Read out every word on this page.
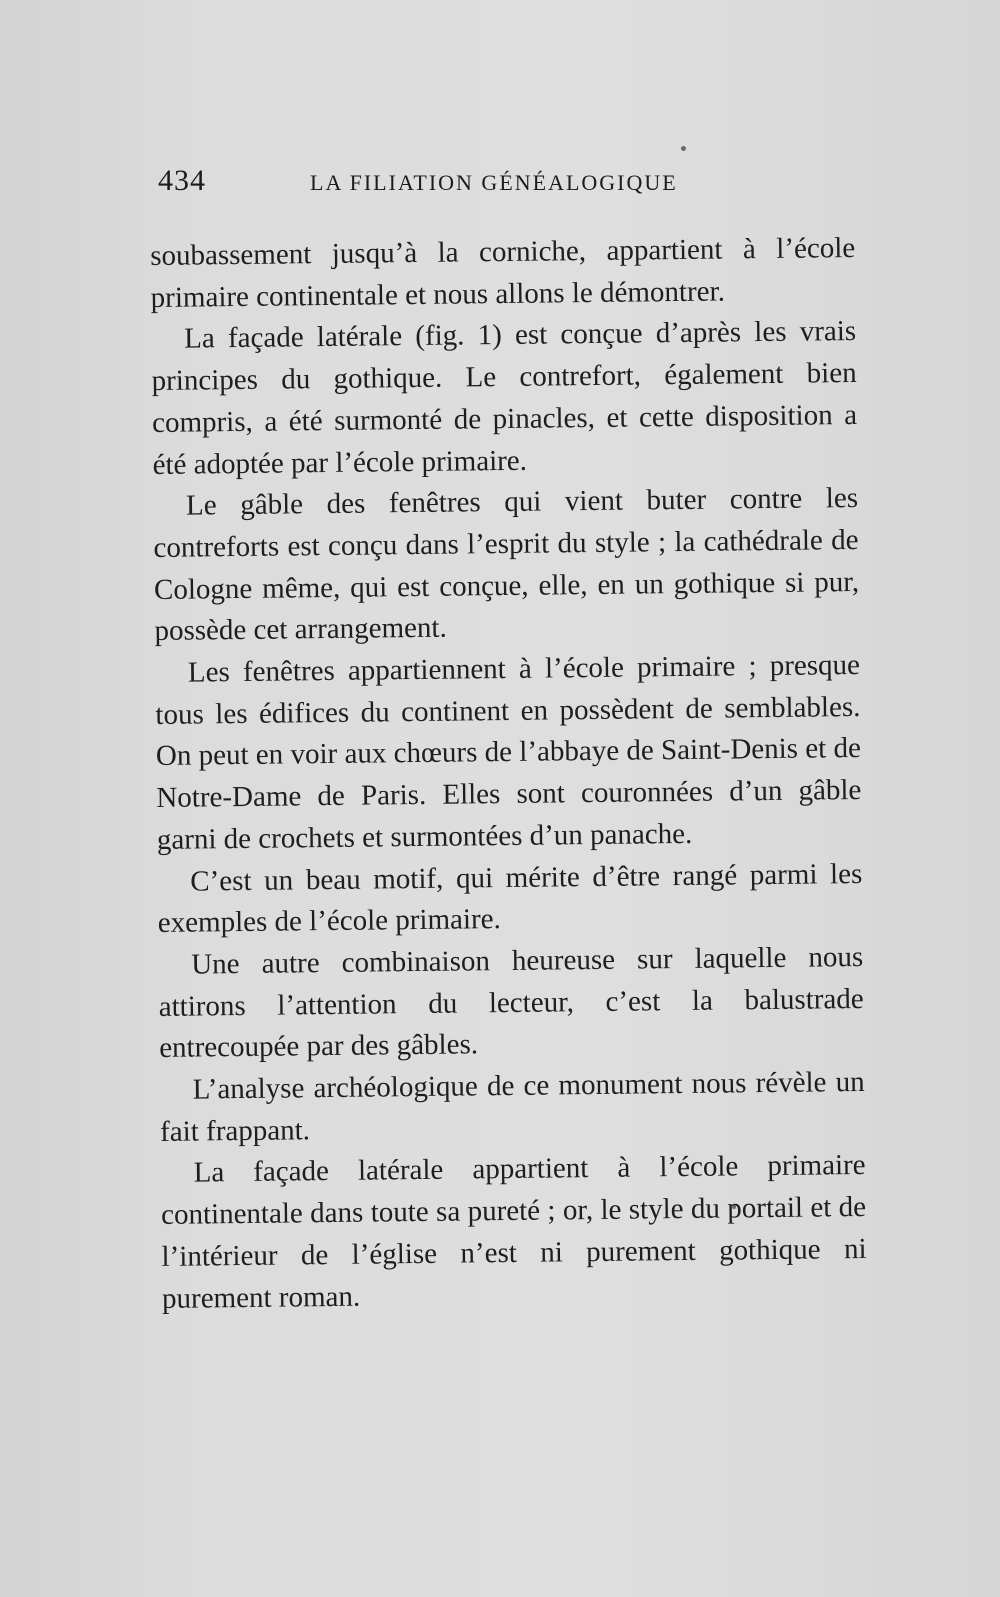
434	LA FILIATION GÉNÉALOGIQUE

soubassement jusqu’à la corniche, appartient à l’école primaire continentale et nous allons le démontrer.

La façade latérale (fig. 1) est conçue d’après les vrais principes du gothique. Le contrefort, également bien compris, a été surmonté de pinacles, et cette disposition a été adoptée par l’école primaire.

Le gâble des fenêtres qui vient buter contre les contreforts est conçu dans l’esprit du style ; la cathédrale de Cologne même, qui est conçue, elle, en un gothique si pur, possède cet arrangement.

Les fenêtres appartiennent à l’école primaire ; presque tous les édifices du continent en possèdent de semblables. On peut en voir aux chœurs de l’abbaye de Saint-Denis et de Notre-Dame de Paris. Elles sont couronnées d’un gâble garni de crochets et surmontées d’un panache.

C’est un beau motif, qui mérite d’être rangé parmi les exemples de l’école primaire.

Une autre combinaison heureuse sur laquelle nous attirons l’attention du lecteur, c’est la balustrade entrecoupée par des gâbles.

L’analyse archéologique de ce monument nous révèle un fait frappant.

La façade latérale appartient à l’école primaire continentale dans toute sa pureté ; or, le style du portail et de l’intérieur de l’église n’est ni purement gothique ni purement roman.
